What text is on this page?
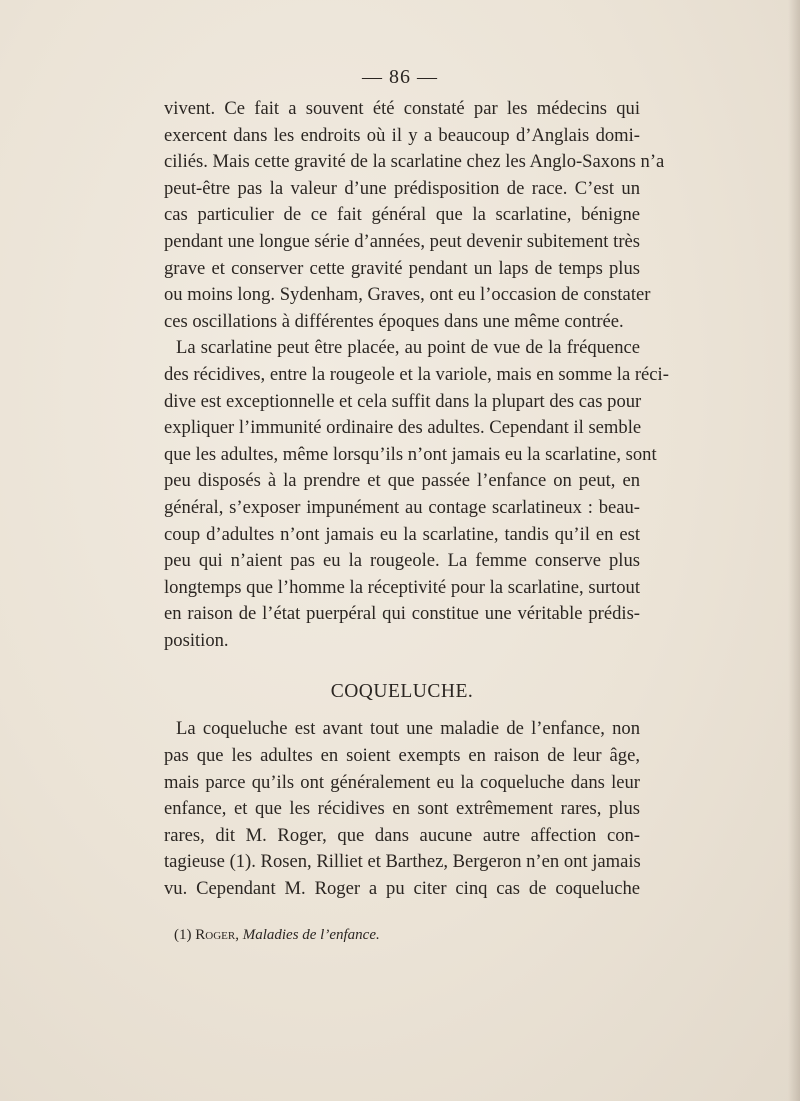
— 86 —
vivent. Ce fait a souvent été constaté par les médecins qui
exercent dans les endroits où il y a beaucoup d’Anglais domi-
ciliés. Mais cette gravité de la scarlatine chez les Anglo-Saxons n’a
peut-être pas la valeur d’une prédisposition de race. C’est un
cas particulier de ce fait général que la scarlatine, bénigne
pendant une longue série d’années, peut devenir subitement très
grave et conserver cette gravité pendant un laps de temps plus
ou moins long. Sydenham, Graves, ont eu l’occasion de constater
ces oscillations à différentes époques dans une même contrée.
La scarlatine peut être placée, au point de vue de la fréquence
des récidives, entre la rougeole et la variole, mais en somme la réci-
dive est exceptionnelle et cela suffit dans la plupart des cas pour
expliquer l’immunité ordinaire des adultes. Cependant il semble
que les adultes, même lorsqu’ils n’ont jamais eu la scarlatine, sont
peu disposés à la prendre et que passée l’enfance on peut, en
général, s’exposer impunément au contage scarlatineux : beau-
coup d’adultes n’ont jamais eu la scarlatine, tandis qu’il en est
peu qui n’aient pas eu la rougeole. La femme conserve plus
longtemps que l’homme la réceptivité pour la scarlatine, surtout
en raison de l’état puerpéral qui constitue une véritable prédis-
position.
COQUELUCHE.
La coqueluche est avant tout une maladie de l’enfance, non
pas que les adultes en soient exempts en raison de leur âge,
mais parce qu’ils ont généralement eu la coqueluche dans leur
enfance, et que les récidives en sont extrêmement rares, plus
rares, dit M. Roger, que dans aucune autre affection con-
tagieuse (1). Rosen, Rilliet et Barthez, Bergeron n’en ont jamais
vu. Cependant M. Roger a pu citer cinq cas de coqueluche
(1) Roger, Maladies de l’enfance.
